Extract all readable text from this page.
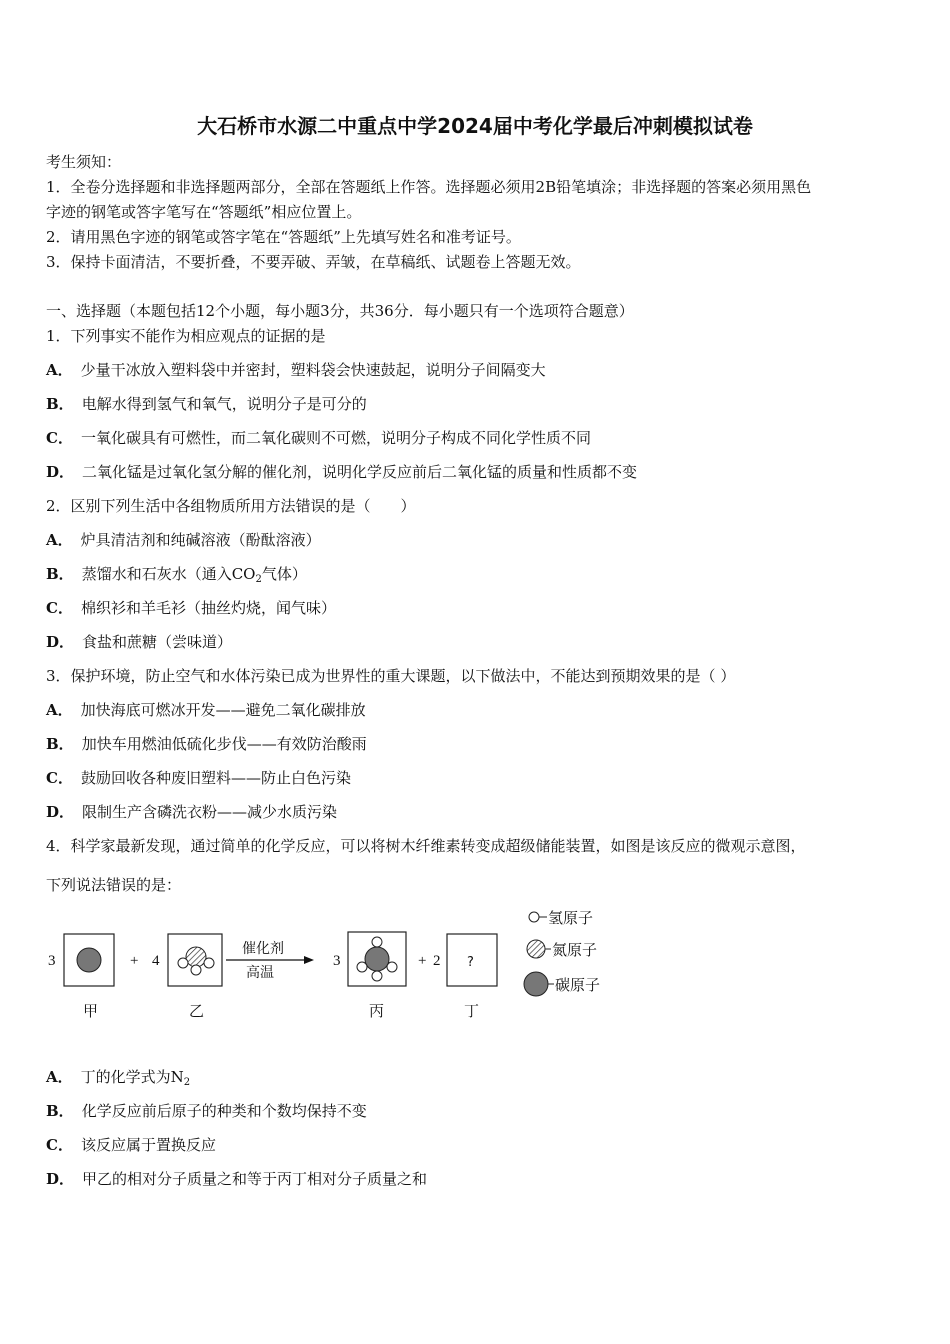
大石桥市水源二中重点中学2024届中考化学最后冲刺模拟试卷
考生须知：
1．全卷分选择题和非选择题两部分，全部在答题纸上作答。选择题必须用2B铅笔填涂；非选择题的答案必须用黑色
字迹的钢笔或答字笔写在“答题纸”相应位置上。
2．请用黑色字迹的钢笔或答字笔在“答题纸”上先填写姓名和准考证号。
3．保持卡面清洁，不要折叠，不要弄破、弄皱，在草稿纸、试题卷上答题无效。
一、选择题（本题包括12个小题，每小题3分，共36分．每小题只有一个选项符合题意）
1．下列事实不能作为相应观点的证据的是
A． 少量干冰放入塑料袋中并密封，塑料袋会快速鼓起，说明分子间隔变大
B． 电解水得到氢气和氧气，说明分子是可分的
C． 一氧化碳具有可燃性，而二氧化碳则不可燃，说明分子构成不同化学性质不同
D． 二氧化锰是过氧化氢分解的催化剂，说明化学反应前后二氧化锰的质量和性质都不变
2．区别下列生活中各组物质所用方法错误的是（　　）
A． 炉具清洁剂和纯碱溶液（酚酞溶液）
B． 蒸馏水和石灰水（通入$CO_2$气体）
C． 棉织衫和羊毛衫（抽丝灼烧，闻气味）
D． 食盐和蔗糖（尝味道）
3．保护环境，防止空气和水体污染已成为世界性的重大课题，以下做法中，不能达到预期效果的是（ ）
A． 加快海底可燃冰开发——避免二氧化碳排放
B． 加快车用燃油低硫化步伐——有效防治酸雨
C． 鼓励回收各种废旧塑料——防止白色污染
D． 限制生产含磷洗衣粉——减少水质污染
4．科学家最新发现，通过简单的化学反应，可以将树木纤维素转变成超级储能装置，如图是该反应的微观示意图，
下列说法错误的是：
3	+ 4	3	+ 2
催化剂
高温
?
甲	乙	丙	丁
氢原子
氮原子
碳原子
A． 丁的化学式为$N_2$
B． 化学反应前后原子的种类和个数均保持不变
C． 该反应属于置换反应
D． 甲乙的相对分子质量之和等于丙丁相对分子质量之和
